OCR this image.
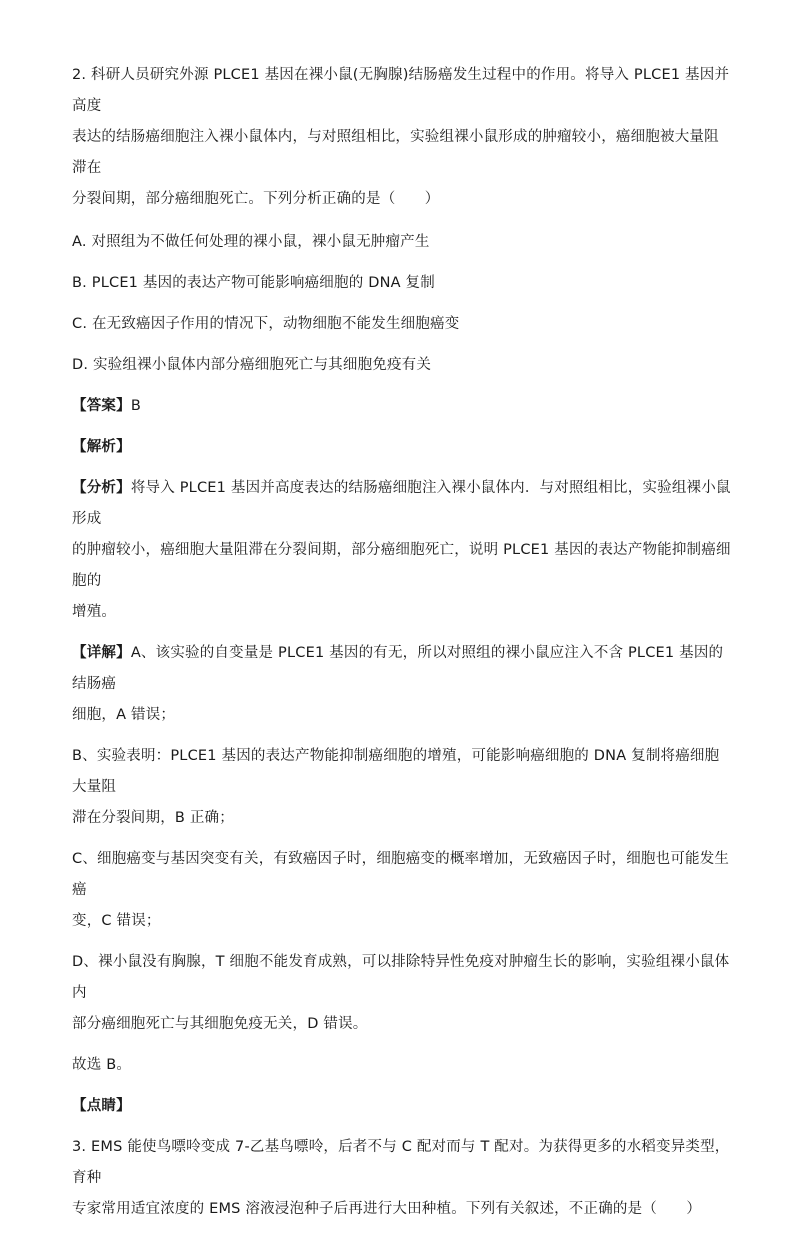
2. 科研人员研究外源 PLCE1 基因在裸小鼠(无胸腺)结肠癌发生过程中的作用。将导入 PLCE1 基因并高度

表达的结肠癌细胞注入裸小鼠体内，与对照组相比，实验组裸小鼠形成的肿瘤较小，癌细胞被大量阻滞在

分裂间期，部分癌细胞死亡。下列分析正确的是（　　）

A. 对照组为不做任何处理的裸小鼠，裸小鼠无肿瘤产生

B. PLCE1 基因的表达产物可能影响癌细胞的 DNA 复制

C. 在无致癌因子作用的情况下，动物细胞不能发生细胞癌变

D. 实验组裸小鼠体内部分癌细胞死亡与其细胞免疫有关

【答案】B

【解析】

【分析】将导入 PLCE1 基因并高度表达的结肠癌细胞注入裸小鼠体内．与对照组相比，实验组裸小鼠形成

的肿瘤较小，癌细胞大量阻滞在分裂间期，部分癌细胞死亡，说明 PLCE1 基因的表达产物能抑制癌细胞的

增殖。

【详解】A、该实验的自变量是 PLCE1 基因的有无，所以对照组的裸小鼠应注入不含 PLCE1 基因的结肠癌

细胞，A 错误；

B、实验表明：PLCE1 基因的表达产物能抑制癌细胞的增殖，可能影响癌细胞的 DNA 复制将癌细胞大量阻

滞在分裂间期，B 正确；

C、细胞癌变与基因突变有关，有致癌因子时，细胞癌变的概率增加，无致癌因子时，细胞也可能发生癌

变，C 错误；

D、裸小鼠没有胸腺，T 细胞不能发育成熟，可以排除特异性免疫对肿瘤生长的影响，实验组裸小鼠体内

部分癌细胞死亡与其细胞免疫无关，D 错误。

故选 B。

【点睛】

3. EMS 能使鸟嘌呤变成 7-乙基鸟嘌呤，后者不与 C 配对而与 T 配对。为获得更多的水稻变异类型，育种

专家常用适宜浓度的 EMS 溶液浸泡种子后再进行大田种植。下列有关叙述，不正确的是（　　）
